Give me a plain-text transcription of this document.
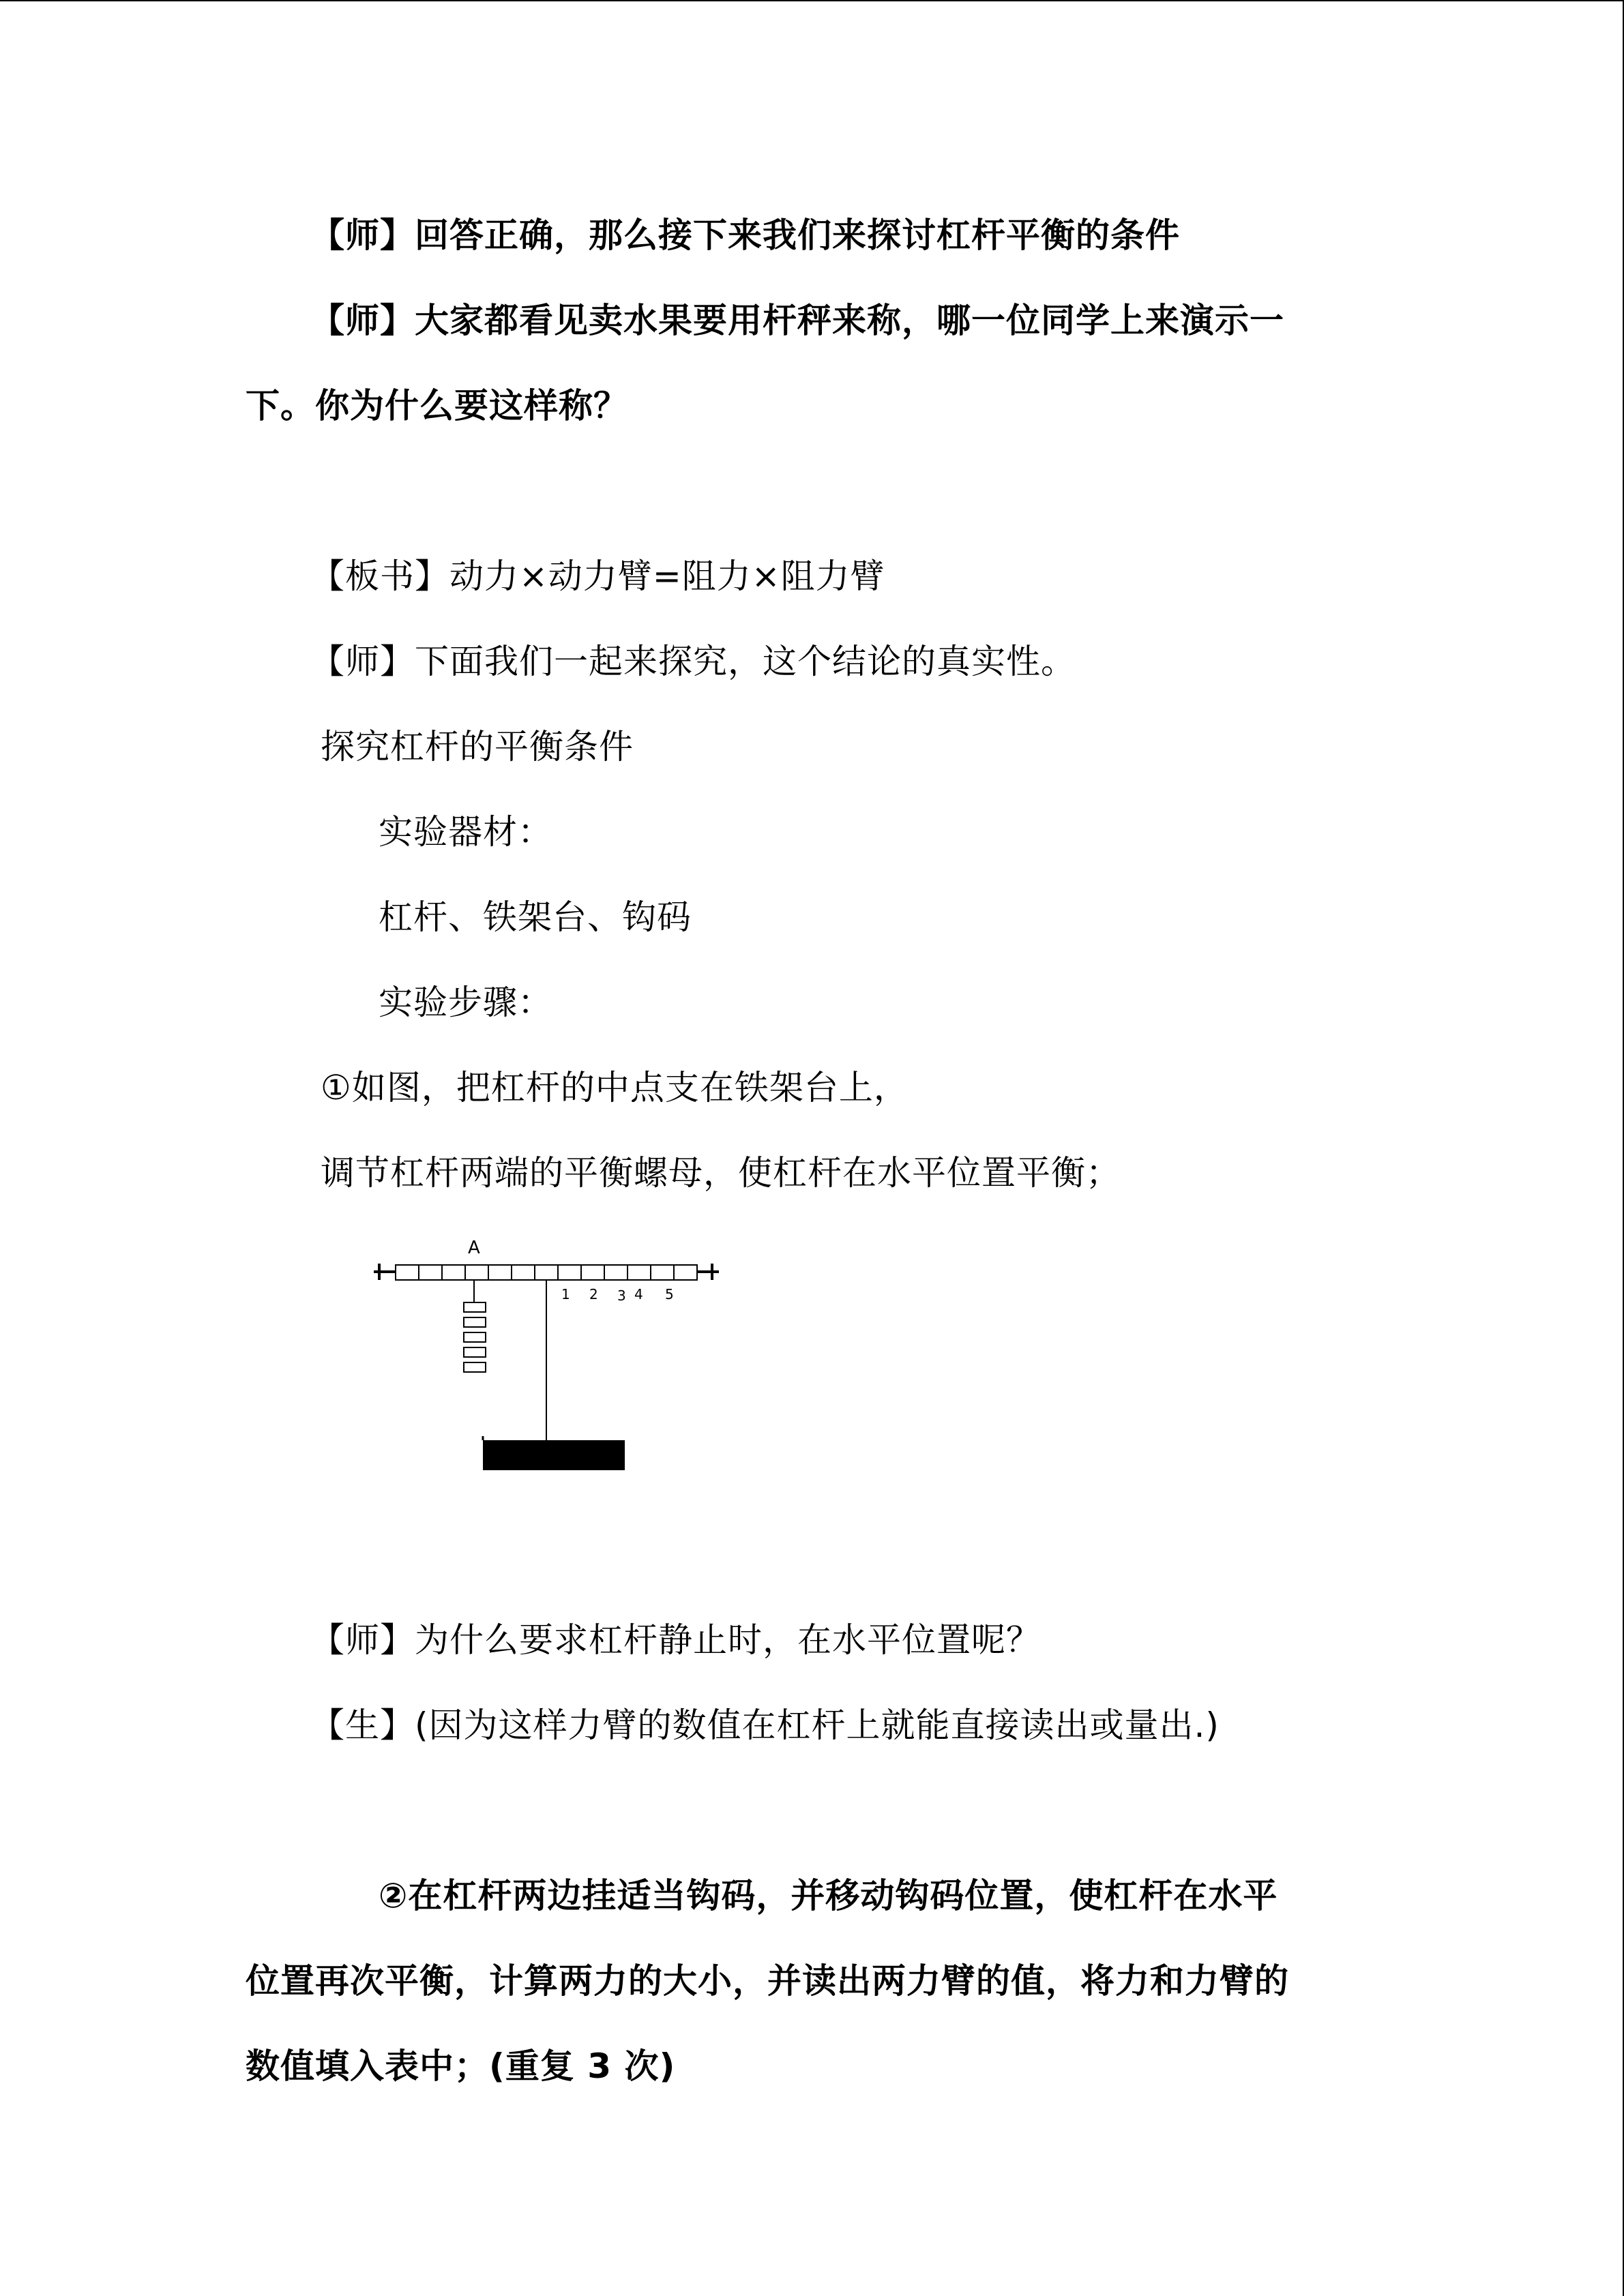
【师】回答正确，那么接下来我们来探讨杠杆平衡的条件
【师】大家都看见卖水果要用杆秤来称，哪一位同学上来演示一
下。你为什么要这样称？
【板书】动力×动力臂=阻力×阻力臂
【师】下面我们一起来探究，这个结论的真实性。
探究杠杆的平衡条件
实验器材：
杠杆、铁架台、钩码
实验步骤：
①如图，把杠杆的中点支在铁架台上，
调节杠杆两端的平衡螺母，使杠杆在水平位置平衡；
A
1 2 3 4 5
【师】为什么要求杠杆静止时，在水平位置呢？
【生】(因为这样力臂的数值在杠杆上就能直接读出或量出.)
②在杠杆两边挂适当钩码，并移动钩码位置，使杠杆在水平
位置再次平衡，计算两力的大小，并读出两力臂的值，将力和力臂的
数值填入表中；(重复 3 次)
